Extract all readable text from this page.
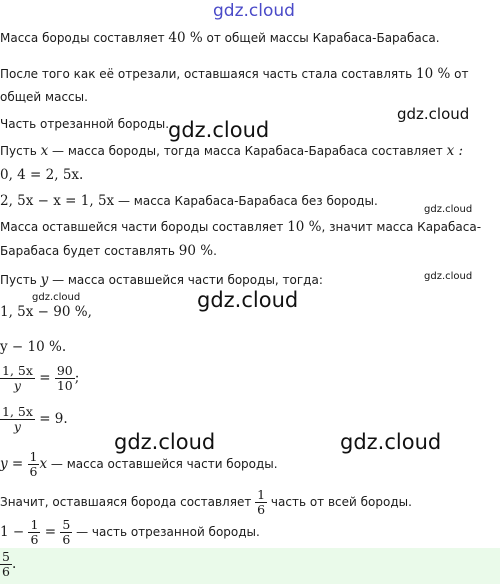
gdz.cloud
Масса бороды составляет 40 % от общей массы Карабаса-Барабаса.
После того как её отрезали, оставшаяся часть стала составлять 10 % от
общей массы.
Часть отрезанной бороды.
Пусть x — масса бороды, тогда масса Карабаса-Барабаса составляет x :
0, 4 = 2, 5x.
2, 5x − x = 1, 5x — масса Карабаса-Барабаса без бороды.
Масса оставшейся части бороды составляет 10 %, значит масса Карабаса-
Барабаса будет составлять 90 %.
Пусть y — масса оставшейся части бороды, тогда:
1, 5x − 90 %,
y − 10 %.
$\frac{1, 5x}{y} = \frac{90}{10}$ ;
$\frac{1, 5x}{y} = 9$.
$y = \frac{1}{6}$ x — масса оставшейся части бороды.
Значит, оставшаяся борода составляет $\frac{1}{6}$ часть от всей бороды.
$1 - \frac{1}{6} = \frac{5}{6}$ — часть отрезанной бороды.
$\frac{5}{6}$ .
gdz.cloud
gdz.cloud
gdz.cloud
gdz.cloud
gdz.cloud	gdz.cloud
gdz.cloud	gdz.cloud
